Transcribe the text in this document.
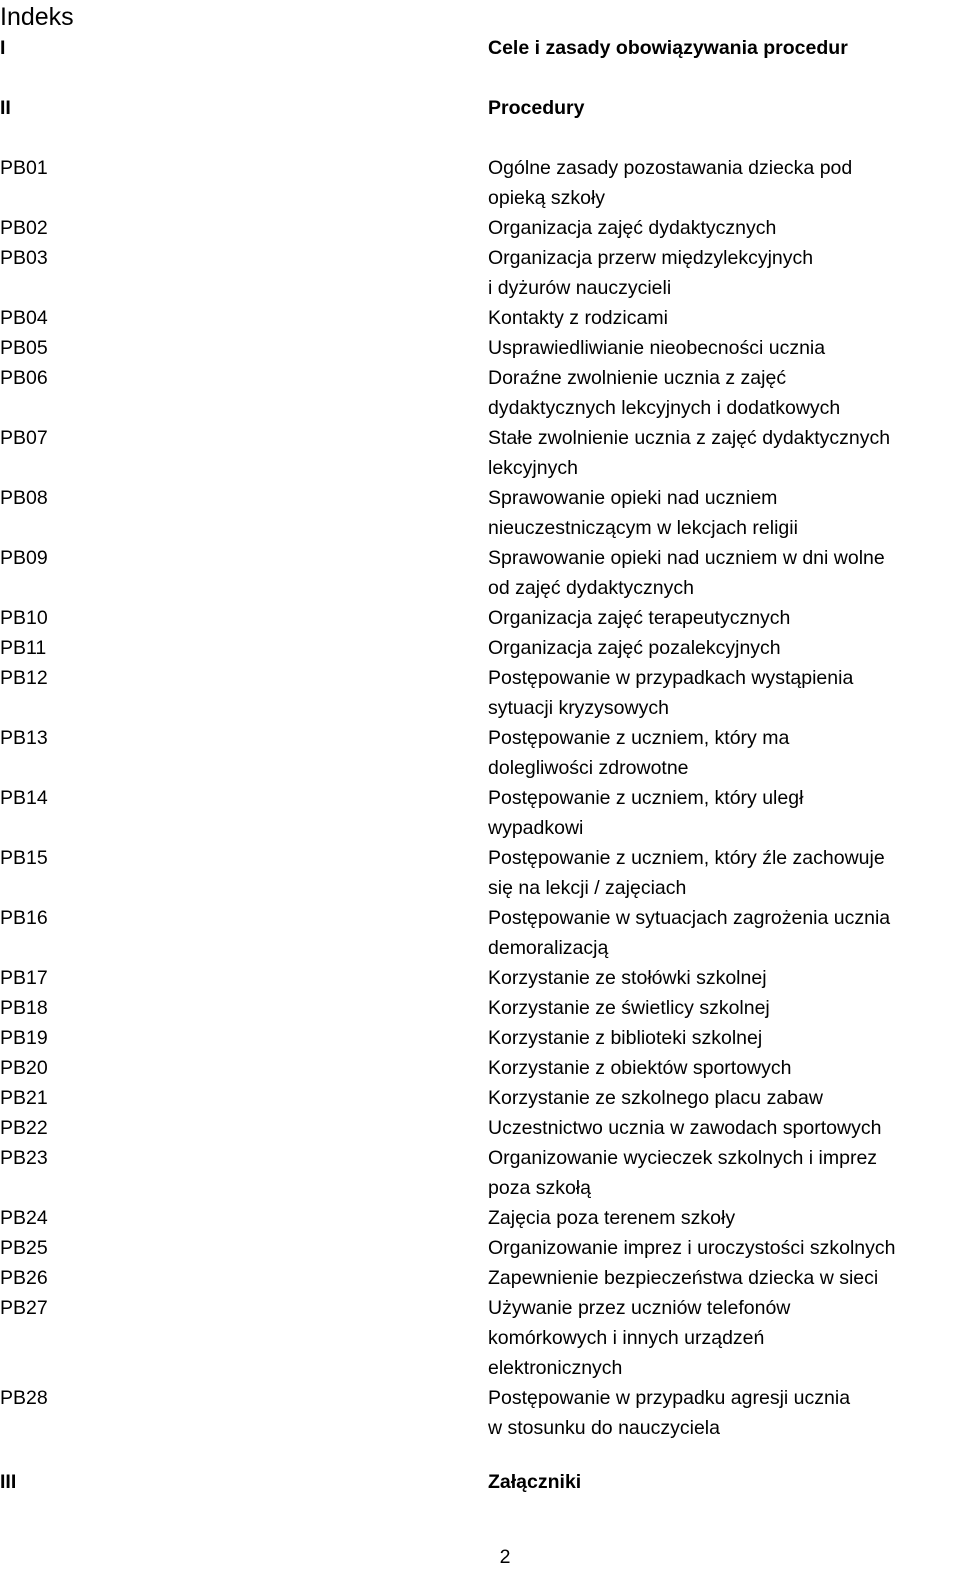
Indeks
I	Cele i zasady obowiązywania procedur
II	Procedury
PB01	Ogólne zasady pozostawania dziecka pod
opieką szkoły
PB02	Organizacja zajęć dydaktycznych
PB03	Organizacja przerw międzylekcyjnych
i dyżurów nauczycieli
PB04	Kontakty z rodzicami
PB05	Usprawiedliwianie nieobecności ucznia
PB06	Doraźne zwolnienie ucznia z zajęć
dydaktycznych lekcyjnych i dodatkowych
PB07	Stałe zwolnienie ucznia z zajęć dydaktycznych
lekcyjnych
PB08	Sprawowanie opieki nad uczniem
nieuczestniczącym w lekcjach religii
PB09	Sprawowanie opieki nad uczniem w dni wolne
od zajęć dydaktycznych
PB10	Organizacja zajęć terapeutycznych
PB11	Organizacja zajęć pozalekcyjnych
PB12	Postępowanie w przypadkach wystąpienia
sytuacji kryzysowych
PB13	Postępowanie z uczniem, który ma
dolegliwości zdrowotne
PB14	Postępowanie z uczniem, który uległ
wypadkowi
PB15	Postępowanie z uczniem, który źle zachowuje
się na lekcji / zajęciach
PB16	Postępowanie w sytuacjach zagrożenia ucznia
demoralizacją
PB17	Korzystanie ze stołówki szkolnej
PB18	Korzystanie ze świetlicy szkolnej
PB19	Korzystanie z biblioteki szkolnej
PB20	Korzystanie z obiektów sportowych
PB21	Korzystanie ze szkolnego placu zabaw
PB22	Uczestnictwo ucznia w zawodach sportowych
PB23	Organizowanie wycieczek szkolnych i imprez
poza szkołą
PB24	Zajęcia poza terenem szkoły
PB25	Organizowanie imprez i uroczystości szkolnych
PB26	Zapewnienie bezpieczeństwa dziecka w sieci
PB27	Używanie przez uczniów telefonów
komórkowych i innych urządzeń
elektronicznych
PB28	Postępowanie w przypadku agresji ucznia
w stosunku do nauczyciela
III	Załączniki
2
